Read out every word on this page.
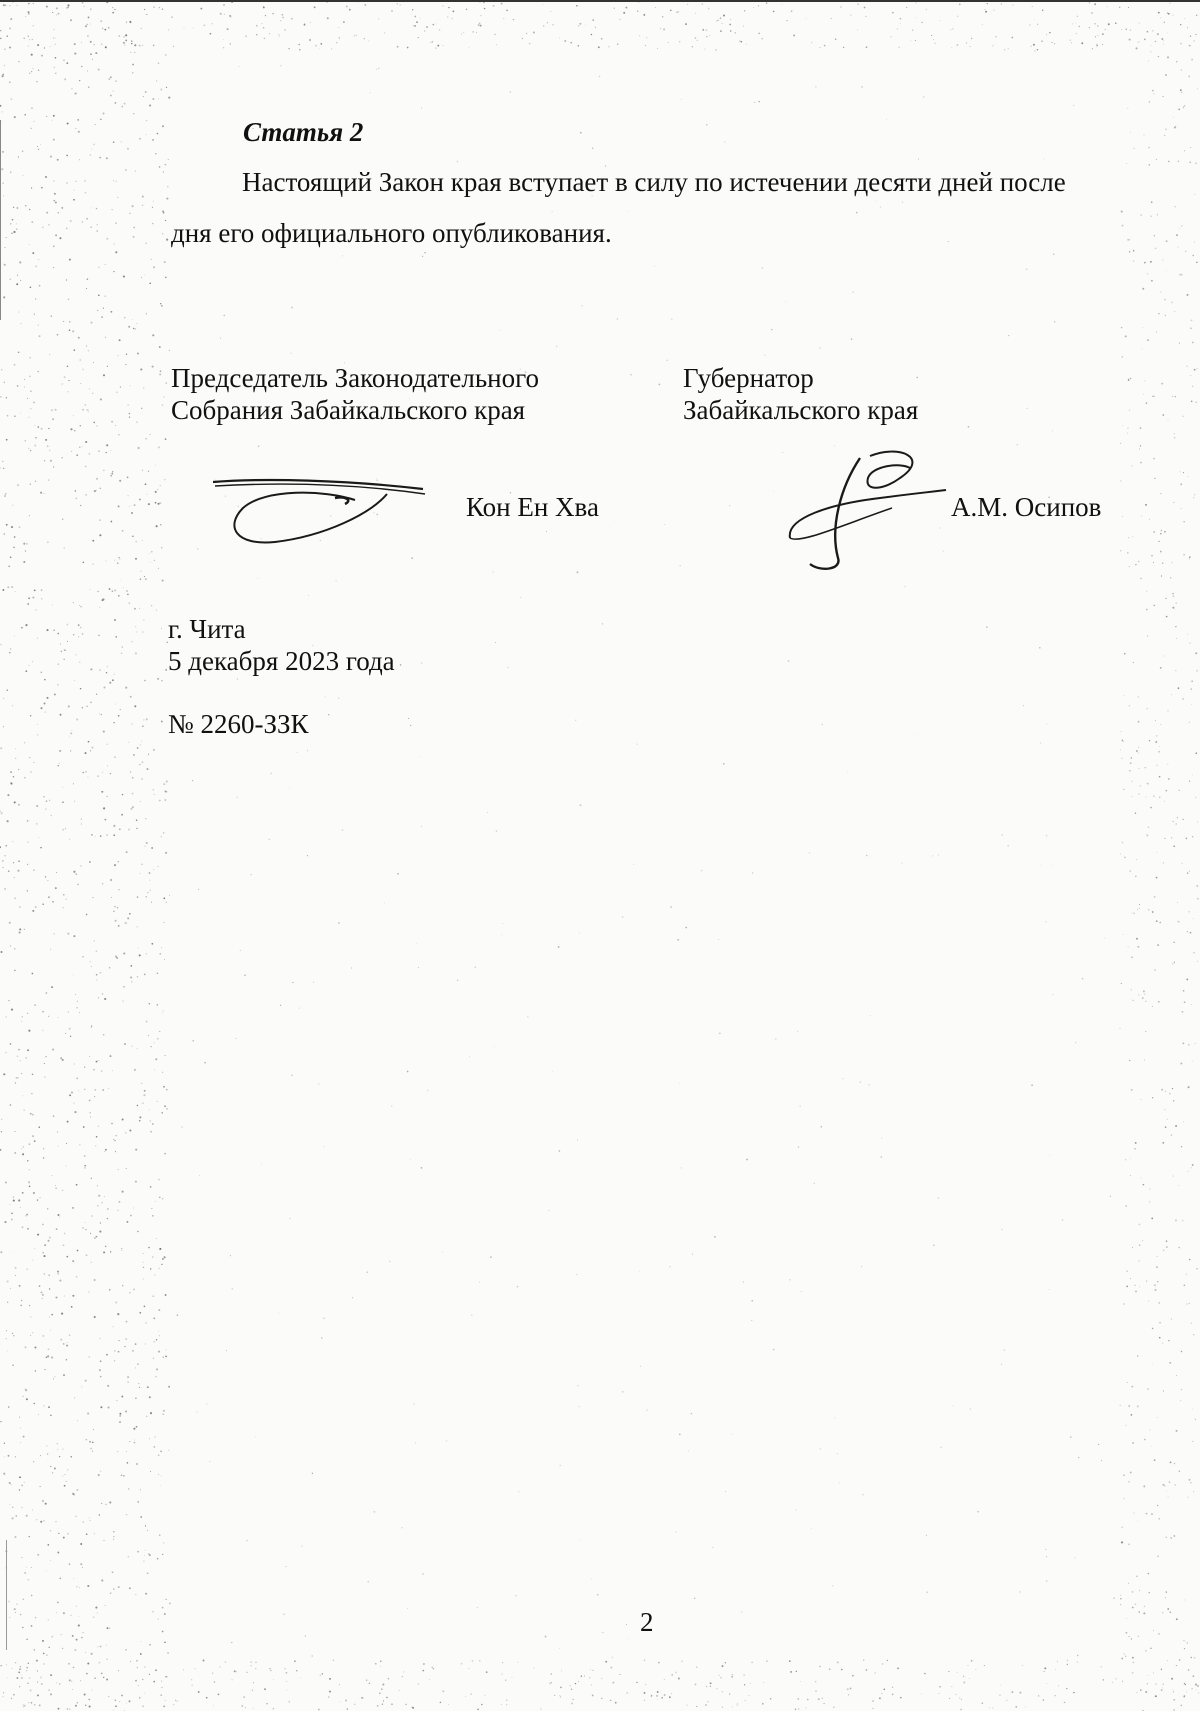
Статья 2
Настоящий Закон края вступает в силу по истечении десяти дней после
дня его официального опубликования.
Председатель Законодательного
Собрания Забайкальского края
Губернатор
Забайкальского края
Кон Ен Хва	А.М. Осипов
г. Чита
5 декабря 2023 года
№ 2260-ЗЗК
2
